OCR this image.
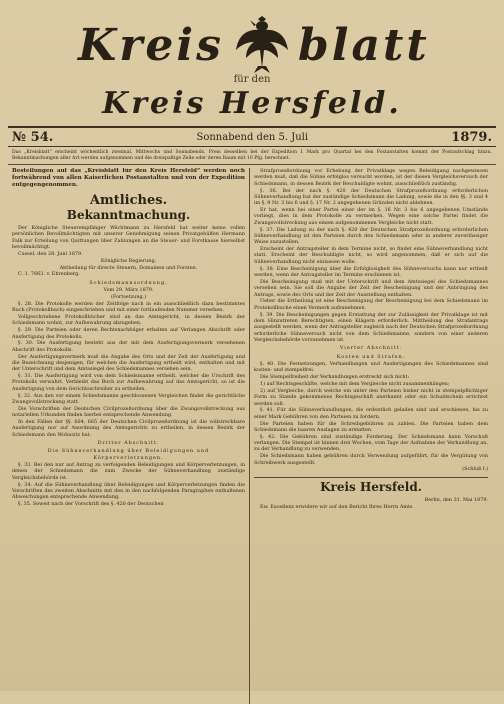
Kreis blatt
für den
Kreis Hersfeld.
№ 54.	Sonnabend den 5. Juli	1879.
Das „Kreisblatt“ erscheint wöchentlich zweimal, Mittwochs und Sonnabends. Preis desselben bei der Expedition 1 Mark pro Quartal bei den Postanstalten kommt der Postaufschlag hinzu. Bekanntmachungen aller Art werden aufgenommen und die dreispaltige Zeile oder deren Raum mit 10 Pfg. berechnet.

Bestellungen auf das „Kreisblatt für den Kreis Hersfeld“ werden noch fortwährend von allen Kaiserlichen Postanstalten und von der Expedition entgegengenommen.

Amtliches.
Bekanntmachung.

Der Königliche Steuerempfänger Wächtmann zu Hersfeld hat weiter keine vollen persönlichen Bevollmächtigten mit unserer Genehmigung seinen Privatgehülfen Hermann Falk zur Erteilung von Quittungen über Zahlungen an die Steuer- und Forstkasse hierselbst bevollmächtigt.

Cassel, den 28. Juni 1879.

Königliche Regierung,

Abtheilung für directe Steuern, Domainen und Forsten.

C. 1. 7663. v. Ehrenberg.

Schiedsmannsordnung.

Vom 29. März 1879.

(Fortsetzung.)

§. 28. Die Protokolle werden der Zeitfolge nach in ein ausschließlich dazu bestimmtes Buch (Protokollbuch) eingeschrieben und mit einer fortlaufenden Nummer versehen.

Vollgeschriebene Protokollbücher sind an das Amtsgericht, in dessen Bezirk der Schiedsmann wohnt, zur Aufbewahrung abzugeben.

§. 29. Die Parteien oder deren Rechtsnachfolger erhalten auf Verlangen Abschrift oder Ausfertigung des Protokolls.

§. 30. Die Ausfertigung besteht aus der mit dem Ausfertigungsvermerk versehenen Abschrift des Protokolls.

Der Ausfertigungsvermerk muß die Angabe des Orts und der Zeit der Ausfertigung und die Bezeichnung desjenigen, für welchen die Ausfertigung ertheilt wird, enthalten und mit der Unterschrift und dem Amtssiegel des Schiedsmannes versehen sein.

§. 31. Die Ausfertigung wird von dem Schiedsmanne ertheilt, welcher die Urschrift des Protokolls verwahrt. Verbleibt das Buch zur Aufbewahrung auf das Amtsgericht, so ist die Ausfertigung von dem Gerichtsschreiber zu ertheilen.

§. 32. Aus den vor einem Schiedsmanne geschlossenen Vergleichen findet die gerichtliche Zwangsvollstreckung statt.

Die Vorschriften der Deutschen Civilprozeßordnung über die Zwangsvollstreckung aus notariellen Urkunden finden hierbei entsprechende Anwendung.

In den Fällen der §§. 664, 665 der Deutschen Civilprozeßordnung ist die vollstreckbare Ausfertigung nur auf Anordnung des Amtsgerichts zu ertheilen, in dessen Bezirk der Schiedsmann den Wohnsitz hat.

Dritter Abschnitt.

Die Sühneverhandlung über Beleidigungen und Körperverletzungen.

§. 33. Bei den nur auf Antrag zu verfolgenden Beleidigungen und Körperverletzungen, in denen der Schiedsmann die zum Zwecke der Sühneverhandlung zuständige Vergleichsbehörde ist.

§. 34. Auf die Sühneverhandlung über Beleidigungen und Körperverletzungen finden die Vorschriften des zweiten Abschnitts mit den in den nachfolgenden Paragraphen enthaltenen Abweichungen entsprechende Anwendung.

§. 35. Soweit nach der Vorschrift des §. 420 der Deutschen

Strafprozeßordnung vor Erhebung der Privatklage wegen Beleidigung nachgewiesen werden muß, daß die Sühne erfolglos versucht worden, ist der diesen Vergleichsversuch der Schiedsmann, in dessen Bezirk der Beschuldigte wohnt, ausschließlich zuständig.

§. 36. Bei der nach §. 420 der Deutschen Strafprozeßordnung erforderlichen Sühneverhandlung hat der zuständige Schiedsmann die Ladung, sowie die in den §§. 3 und 4 im §. 9 Nr. 3 bis 6 und §. 17 Nr. 2 angegebenen Gründen nicht ablehnen.

Er hat, wenn bei einer Partei einer der im §. 16 Nr. 3 bis 6 angegebenen Umstände vorliegt, dies in dem Protokolle zu vermerken. Wegen eine solche Partei findet die Zwangsvollstreckung aus einem aufgenommenen Vergleiche nicht statt.

§. 37. Die Ladung zu der nach §. 420 der Deutschen Strafprozeßordnung erforderlichen Sühneverhandlung ist den Parteien durch den Schiedsmann oder in anderer zuverlässiger Weise zuzustellen.

Erscheint der Antragsteller in dem Termine nicht, so findet eine Sühneverhandlung nicht statt. Erscheint der Beschuldigte nicht, so wird angenommen, daß er sich auf die Sühneverhandlung nicht einlassen wolle.

§. 38. Eine Bescheinigung über die Erfolglosigkeit des Sühneversuchs kann nur ertheilt werden, wenn der Antragsteller im Termine erschienen ist.

Die Bescheinigung muß mit der Unterschrift und dem Amtssiegel des Schiedsmannes versehen sein. Sie soll die Angabe der Zeit der Bescheinigung und der Anbringung des Antrags, sowie des Orts und der Zeit der Ausstellung enthalten.

Ueber die Ertheilung ist eine Bescheinigung der Bescheinigung bei dem Schiedsmann im Protokollbuche einen Vermerk aufzunehmen.

§. 39. Die Bescheinigungen gegen Erstattung der zur Zulässigkeit der Privatklage ist mit dem Hinzutreten Berechtigten, einen Klägern erforderlich. Mittheilung des Strafantrags ausgestellt werden, wenn der Antragsteller zugleich nach der Deutschen Strafprozeßordnung erforderliche Sühneversuch nicht von dem Schiedsmanne, sondern von einer anderen Vergleichsbehörde vorzunehmen ist.

Vierter Abschnitt.

Kosten und Strafen.

§. 40. Die Festsetzungen, Verhandlungen und Ausfertigungen des Schiedsmannes sind kosten- und stempelfrei.

Die Stempelfreiheit der Verhandlungen erstreckt sich nicht:

1) auf Rechtsgeschäfte, welche mit dem Vergleiche nicht zusammenhängen;

2) auf Vergleiche, durch welche ein unter den Parteien bisher nicht in stempelpflichtiger Form zu Stande gekommenes Rechtsgeschäft anerkannt oder ein Schuldschein errichtet werden soll.

§. 41. Für die Sühneverhandlungen, die ordentlich geladen sind und erschienen, bis zu einer Mark Gebühren von den Parteien zu fordern.

Die Parteien haben für die Schreibgebühren zu zahlen. Die Parteien haben dem Schiedsmann die baaren Auslagen zu erstatten.

§. 42. Die Gebühren sind zuständige Forderung. Der Schiedsmann kann Vorschuß verlangen. Die Stempel ist binnen drei Wochen, vom Tage der Aufnahme der Verhandlung an, zu der Verhandlung zu verwenden.

Die Schiedsmann haben gebühren durch Verwendung aufgeführt, für die Vergütung von Schreibwerk ausgestellt.

(Schluß f.)

Kreis Hersfeld.

Berlin, den 31. Mai 1879.

Ew. Excellenz erwidere wir auf den Bericht Ihres Herrn Amts
